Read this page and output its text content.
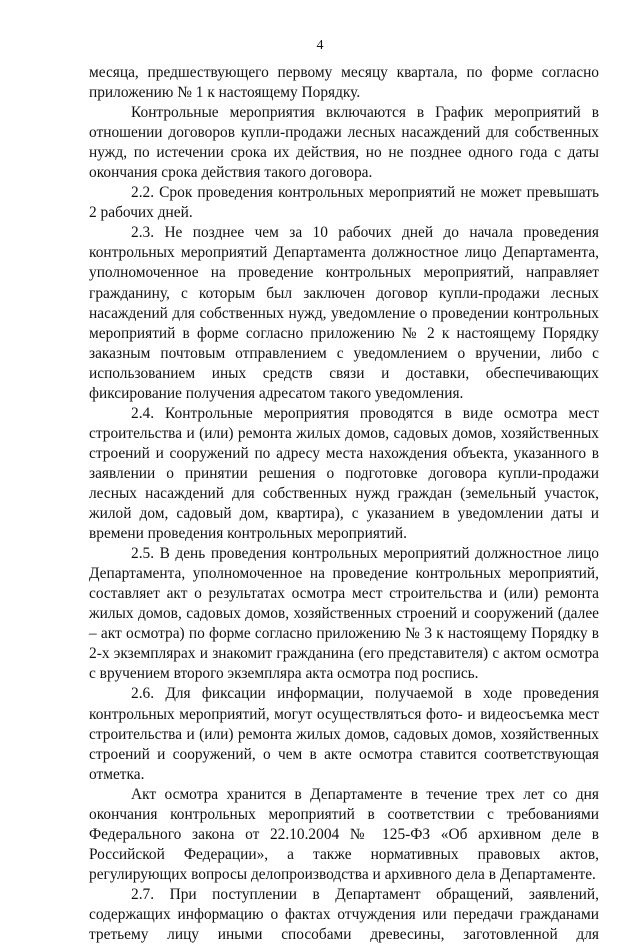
4

месяца, предшествующего первому месяцу квартала, по форме согласно приложению № 1 к настоящему Порядку.

Контрольные мероприятия включаются в График мероприятий в отношении договоров купли-продажи лесных насаждений для собственных нужд, по истечении срока их действия, но не позднее одного года с даты окончания срока действия такого договора.

2.2. Срок проведения контрольных мероприятий не может превышать 2 рабочих дней.

2.3. Не позднее чем за 10 рабочих дней до начала проведения контрольных мероприятий Департамента должностное лицо Департамента, уполномоченное на проведение контрольных мероприятий, направляет гражданину, с которым был заключен договор купли-продажи лесных насаждений для собственных нужд, уведомление о проведении контрольных мероприятий в форме согласно приложению № 2 к настоящему Порядку заказным почтовым отправлением с уведомлением о вручении, либо с использованием иных средств связи и доставки, обеспечивающих фиксирование получения адресатом такого уведомления.

2.4. Контрольные мероприятия проводятся в виде осмотра мест строительства и (или) ремонта жилых домов, садовых домов, хозяйственных строений и сооружений по адресу места нахождения объекта, указанного в заявлении о принятии решения о подготовке договора купли-продажи лесных насаждений для собственных нужд граждан (земельный участок, жилой дом, садовый дом, квартира), с указанием в уведомлении даты и времени проведения контрольных мероприятий.

2.5. В день проведения контрольных мероприятий должностное лицо Департамента, уполномоченное на проведение контрольных мероприятий, составляет акт о результатах осмотра мест строительства и (или) ремонта жилых домов, садовых домов, хозяйственных строений и сооружений (далее – акт осмотра) по форме согласно приложению № 3 к настоящему Порядку в 2-х экземплярах и знакомит гражданина (его представителя) с актом осмотра с вручением второго экземпляра акта осмотра под роспись.

2.6. Для фиксации информации, получаемой в ходе проведения контрольных мероприятий, могут осуществляться фото- и видеосъемка мест строительства и (или) ремонта жилых домов, садовых домов, хозяйственных строений и сооружений, о чем в акте осмотра ставится соответствующая отметка.

Акт осмотра хранится в Департаменте в течение трех лет со дня окончания контрольных мероприятий в соответствии с требованиями Федерального закона от 22.10.2004 № 125-ФЗ «Об архивном деле в Российской Федерации», а также нормативных правовых актов, регулирующих вопросы делопроизводства и архивного дела в Департаменте.

2.7. При поступлении в Департамент обращений, заявлений, содержащих информацию о фактах отчуждения или передачи гражданами третьему лицу иными способами древесины, заготовленной для
